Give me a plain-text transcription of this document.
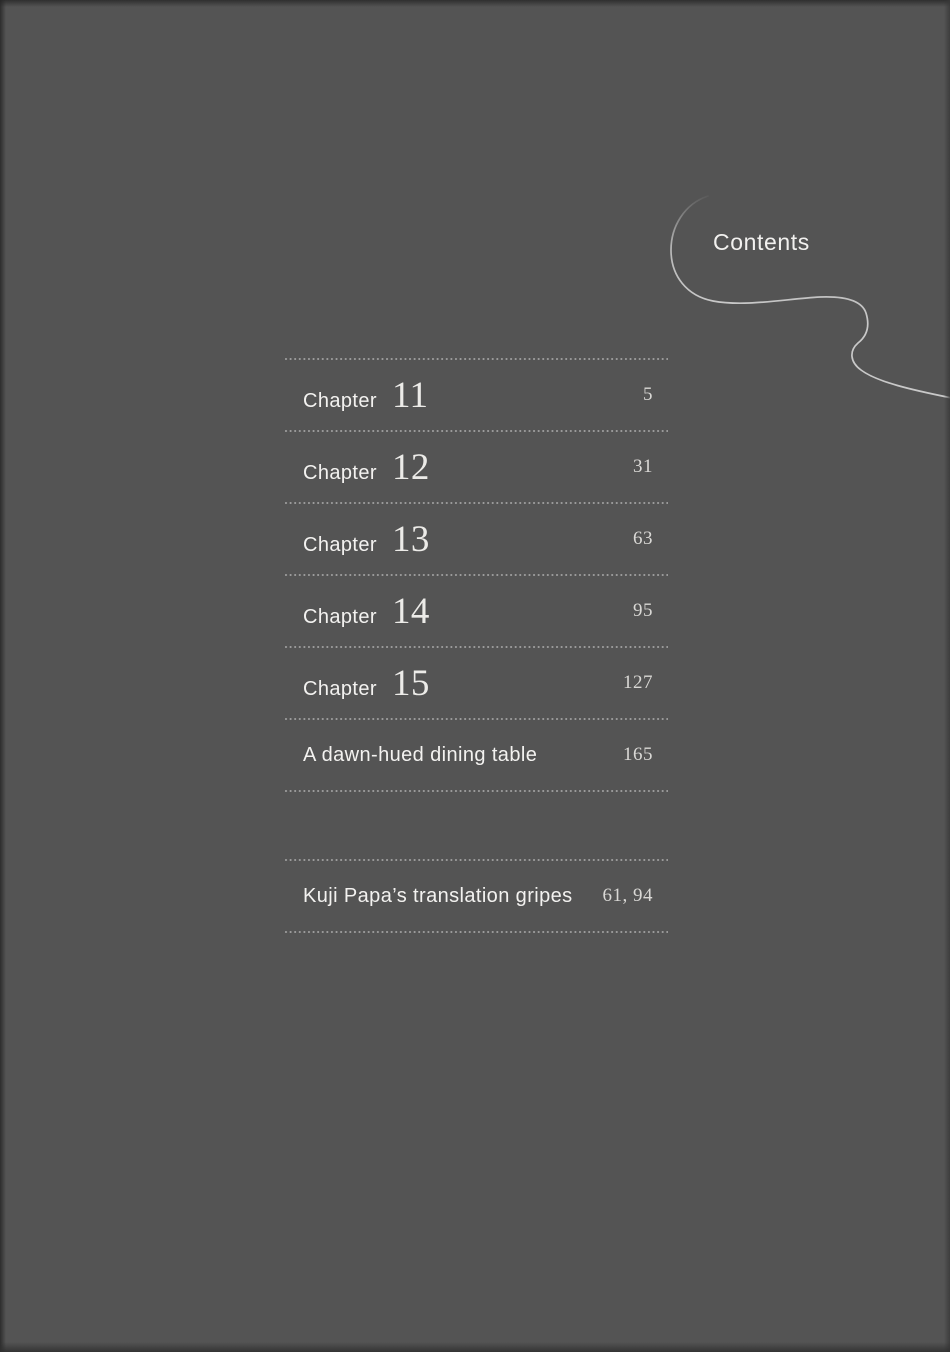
Contents
Chapter 11	5
Chapter 12	31
Chapter 13	63
Chapter 14	95
Chapter 15	127
A dawn-hued dining table	165
Kuji Papa’s translation gripes 61, 94
